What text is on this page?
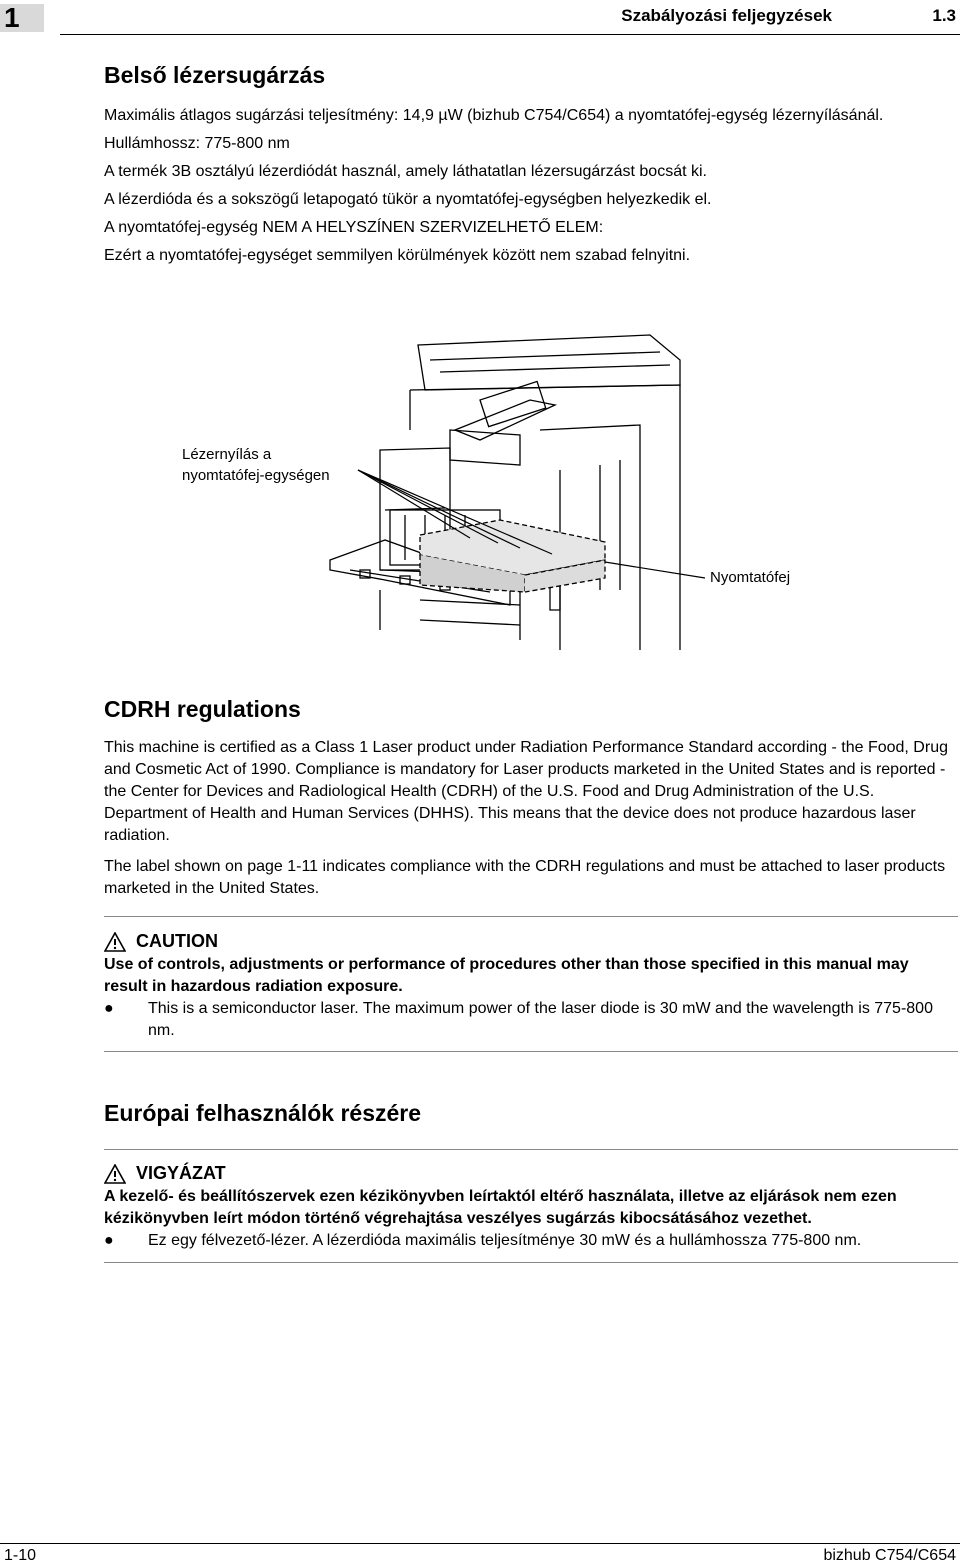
1	Szabályozási feljegyzések	1.3
Belső lézersugárzás

Maximális átlagos sugárzási teljesítmény: 14,9 µW (bizhub C754/C654) a nyomtatófej-egység lézernyílásánál.

Hullámhossz: 775-800 nm

A termék 3B osztályú lézerdiódát használ, amely láthatatlan lézersugárzást bocsát ki.

A lézerdióda és a sokszögű letapogató tükör a nyomtatófej-egységben helyezkedik el.

A nyomtatófej-egység NEM A HELYSZÍNEN SZERVIZELHETŐ ELEM:

Ezért a nyomtatófej-egységet semmilyen körülmények között nem szabad felnyitni.

Lézernyílás a
nyomtatófej-egységen
Nyomtatófej
CDRH regulations

This machine is certified as a Class 1 Laser product under Radiation Performance Standard according - the Food, Drug and Cosmetic Act of 1990. Compliance is mandatory for Laser products marketed in the United States and is reported - the Center for Devices and Radiological Health (CDRH) of the U.S. Food and Drug Administration of the U.S. Department of Health and Human Services (DHHS). This means that the device does not produce hazardous laser radiation.

The label shown on page 1-11 indicates compliance with the CDRH regulations and must be attached to laser products marketed in the United States.

CAUTION

Use of controls, adjustments or performance of procedures other than those specified in this manual may result in hazardous radiation exposure.

●	This is a semiconductor laser. The maximum power of the laser diode is 30 mW and the wavelength is 775-800 nm.
Európai felhasználók részére
VIGYÁZAT

A kezelő- és beállítószervek ezen kézikönyvben leírtaktól eltérő használata, illetve az eljárások nem ezen kézikönyvben leírt módon történő végrehajtása veszélyes sugárzás kibocsátásához vezethet.

●	Ez egy félvezető-lézer. A lézerdióda maximális teljesítménye 30 mW és a hullámhossza 775-800 nm.
1-10	bizhub C754/C654
